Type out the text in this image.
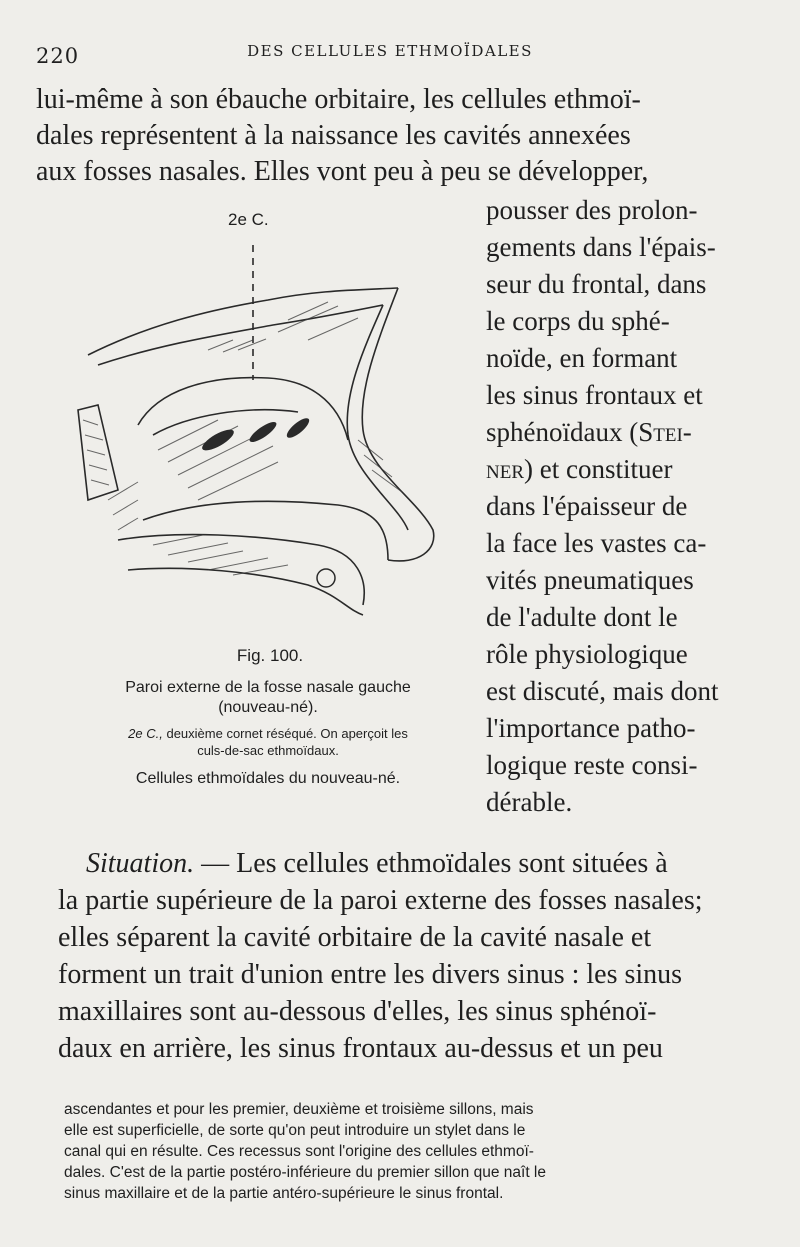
220	DES CELLULES ETHMOÏDALES
lui-même à son ébauche orbitaire, les cellules ethmoï-
dales représentent à la naissance les cavités annexées
aux fosses nasales. Elles vont peu à peu se développer,
2e C.
Fig. 100.
Paroi externe de la fosse nasale gauche
(nouveau-né).
2e C., deuxième cornet réséqué. On aperçoit les
culs-de-sac ethmoïdaux.
Cellules ethmoïdales du nouveau-né.
pousser des prolon-
gements dans l'épais-
seur du frontal, dans
le corps du sphé-
noïde, en formant
les sinus frontaux et
sphénoïdaux (Stei-
ner) et constituer
dans l'épaisseur de
la face les vastes ca-
vités pneumatiques
de l'adulte dont le
rôle physiologique
est discuté, mais dont
l'importance patho-
logique reste consi-
dérable.
Situation. — Les cellules ethmoïdales sont situées à
la partie supérieure de la paroi externe des fosses nasales;
elles séparent la cavité orbitaire de la cavité nasale et
forment un trait d'union entre les divers sinus : les sinus
maxillaires sont au-dessous d'elles, les sinus sphénoï-
daux en arrière, les sinus frontaux au-dessus et un peu
ascendantes et pour les premier, deuxième et troisième sillons, mais
elle est superficielle, de sorte qu'on peut introduire un stylet dans le
canal qui en résulte. Ces recessus sont l'origine des cellules ethmoï-
dales. C'est de la partie postéro-inférieure du premier sillon que naît le
sinus maxillaire et de la partie antéro-supérieure le sinus frontal.
